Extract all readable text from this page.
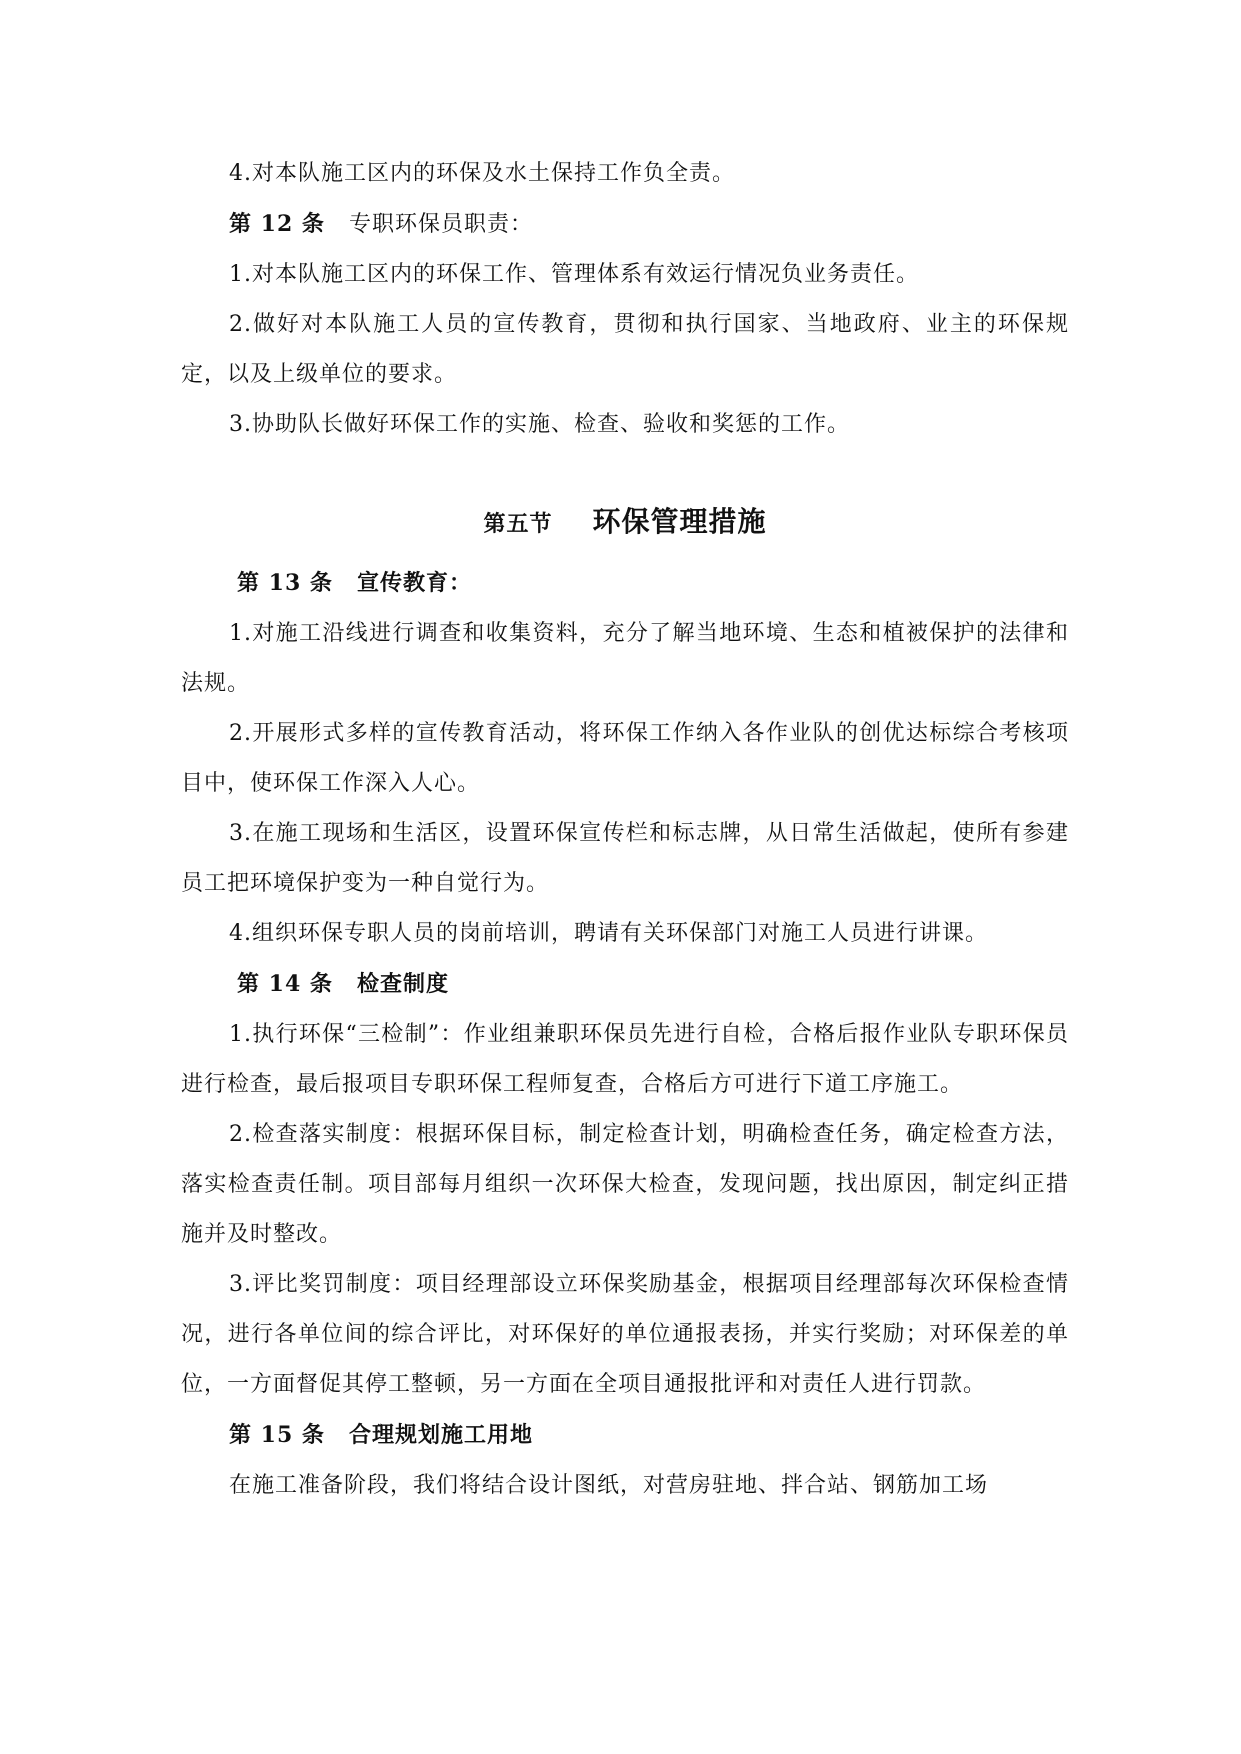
4.对本队施工区内的环保及水土保持工作负全责。

第 12 条 专职环保员职责：

1.对本队施工区内的环保工作、管理体系有效运行情况负业务责任。

2.做好对本队施工人员的宣传教育，贯彻和执行国家、当地政府、业主的环保规定，以及上级单位的要求。

3.协助队长做好环保工作的实施、检查、验收和奖惩的工作。

第五节 环保管理措施
第 13 条 宣传教育：

1.对施工沿线进行调查和收集资料，充分了解当地环境、生态和植被保护的法律和法规。

2.开展形式多样的宣传教育活动，将环保工作纳入各作业队的创优达标综合考核项目中，使环保工作深入人心。

3.在施工现场和生活区，设置环保宣传栏和标志牌，从日常生活做起，使所有参建员工把环境保护变为一种自觉行为。

4.组织环保专职人员的岗前培训，聘请有关环保部门对施工人员进行讲课。

第 14 条 检查制度

1.执行环保“三检制”：作业组兼职环保员先进行自检，合格后报作业队专职环保员进行检查，最后报项目专职环保工程师复查，合格后方可进行下道工序施工。

2.检查落实制度：根据环保目标，制定检查计划，明确检查任务，确定检查方法，落实检查责任制。项目部每月组织一次环保大检查，发现问题，找出原因，制定纠正措施并及时整改。

3.评比奖罚制度：项目经理部设立环保奖励基金，根据项目经理部每次环保检查情况，进行各单位间的综合评比，对环保好的单位通报表扬，并实行奖励；对环保差的单位，一方面督促其停工整顿，另一方面在全项目通报批评和对责任人进行罚款。

第 15 条 合理规划施工用地

在施工准备阶段，我们将结合设计图纸，对营房驻地、拌合站、钢筋加工场
